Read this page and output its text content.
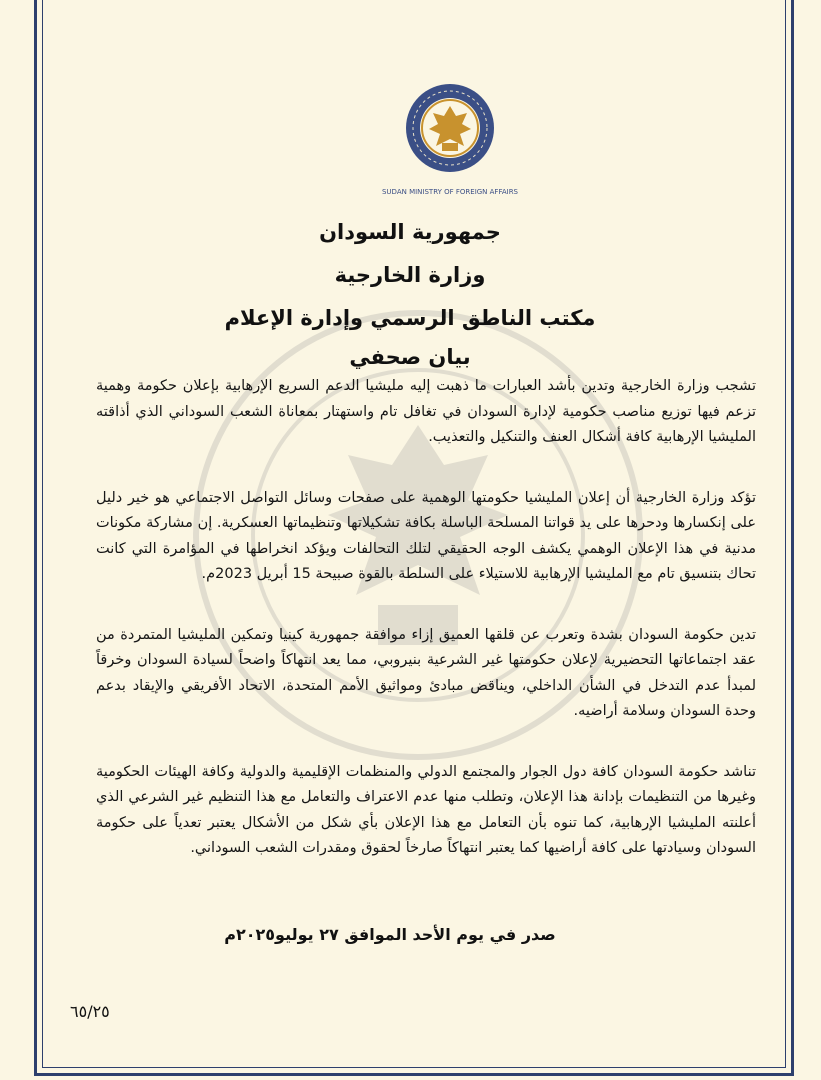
SUDAN MINISTRY OF FOREIGN AFFAIRS
جمهورية السودان
وزارة الخارجية
مكتب الناطق الرسمي وإدارة الإعلام
بيان صحفي

تشجب وزارة الخارجية وتدين بأشد العبارات ما ذهبت إليه مليشيا الدعم السريع الإرهابية بإعلان حكومة وهمية تزعم فيها توزيع مناصب حكومية لإدارة السودان في تغافل تام واستهتار بمعاناة الشعب السوداني الذي أذاقته المليشيا الإرهابية كافة أشكال العنف والتنكيل والتعذيب.

تؤكد وزارة الخارجية أن إعلان المليشيا حكومتها الوهمية على صفحات وسائل التواصل الاجتماعي هو خير دليل على إنكسارها ودحرها على يد قواتنا المسلحة الباسلة بكافة تشكيلاتها وتنظيماتها العسكرية. إن مشاركة مكونات مدنية في هذا الإعلان الوهمي يكشف الوجه الحقيقي لتلك التحالفات ويؤكد انخراطها في المؤامرة التي كانت تحاك بتنسيق تام مع المليشيا الإرهابية للاستيلاء على السلطة بالقوة صبيحة 15 أبريل 2023م.

تدين حكومة السودان بشدة وتعرب عن قلقها العميق إزاء موافقة جمهورية كينيا وتمكين المليشيا المتمردة من عقد اجتماعاتها التحضيرية لإعلان حكومتها غير الشرعية بنيروبي، مما يعد انتهاكاً واضحاً لسيادة السودان وخرقاً لمبدأ عدم التدخل في الشأن الداخلي، ويناقض مبادئ ومواثيق الأمم المتحدة، الاتحاد الأفريقي والإيقاد بدعم وحدة السودان وسلامة أراضيه.

تناشد حكومة السودان كافة دول الجوار والمجتمع الدولي والمنظمات الإقليمية والدولية وكافة الهيئات الحكومية وغيرها من التنظيمات بإدانة هذا الإعلان، وتطلب منها عدم الاعتراف والتعامل مع هذا التنظيم غير الشرعي الذي أعلنته المليشيا الإرهابية، كما تنوه بأن التعامل مع هذا الإعلان بأي شكل من الأشكال يعتبر تعدياً على حكومة السودان وسيادتها على كافة أراضيها كما يعتبر انتهاكاً صارخاً لحقوق ومقدرات الشعب السوداني.

صدر في يوم الأحد الموافق ٢٧ يوليو٢٠٢٥م
٦٥/٢٥
